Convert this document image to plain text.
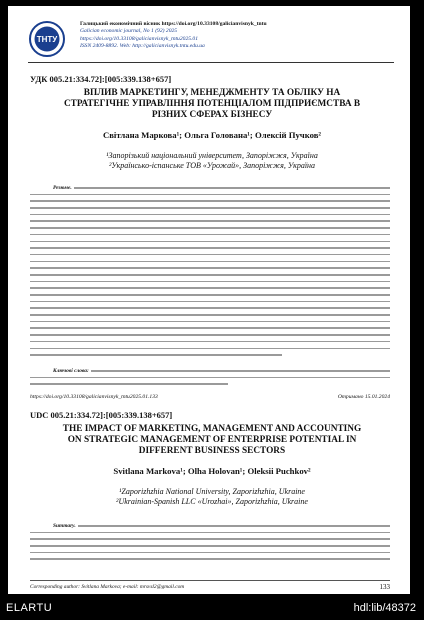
ТНТУ
Галицький економічний вісник https://doi.org/10.33108/galicianvisnyk_tntu
Galician economic journal, No 1 (92) 2025
https://doi.org/10.33108/galicianvisnyk_tntu2025.01
ISSN 2409-8892. Web: http://galicianvisnyk.tntu.edu.ua
УДК 005.21:334.72]:[005:339.138+657]
ВПЛИВ МАРКЕТИНГУ, МЕНЕДЖМЕНТУ ТА ОБЛІКУ НА
СТРАТЕГІЧНЕ УПРАВЛІННЯ ПОТЕНЦІАЛОМ ПІДПРИЄМСТВА В
РІЗНИХ СФЕРАХ БІЗНЕСУ
Світлана Маркова¹; Ольга Голована¹; Олексій Пучков²
¹Запорізький національний університет, Запоріжжя, Україна
²Українсько-іспанське ТОВ «Урожай», Запоріжжя, Україна
Резюме.
Ключові слова:
https://doi.org/10.33108/galicianvisnyk_tntu2025.01.133	Отримано 15.01.2024
UDC 005.21:334.72]:[005:339.138+657]
THE IMPACT OF MARKETING, MANAGEMENT AND ACCOUNTING
ON STRATEGIC MANAGEMENT OF ENTERPRISE POTENTIAL IN
DIFFERENT BUSINESS SECTORS
Svitlana Markova¹; Olha Holovan¹; Oleksii Puchkov²
¹Zaporizhzhia National University, Zaporizhzhia, Ukraine
²Ukrainian-Spanish LLC «Urozhai», Zaporizhzhia, Ukraine
Summary.
Corresponding author: Svitlana Markova; e-mail: mrsvsl2@gmail.com	133
ELARTU	hdl:lib/48372
